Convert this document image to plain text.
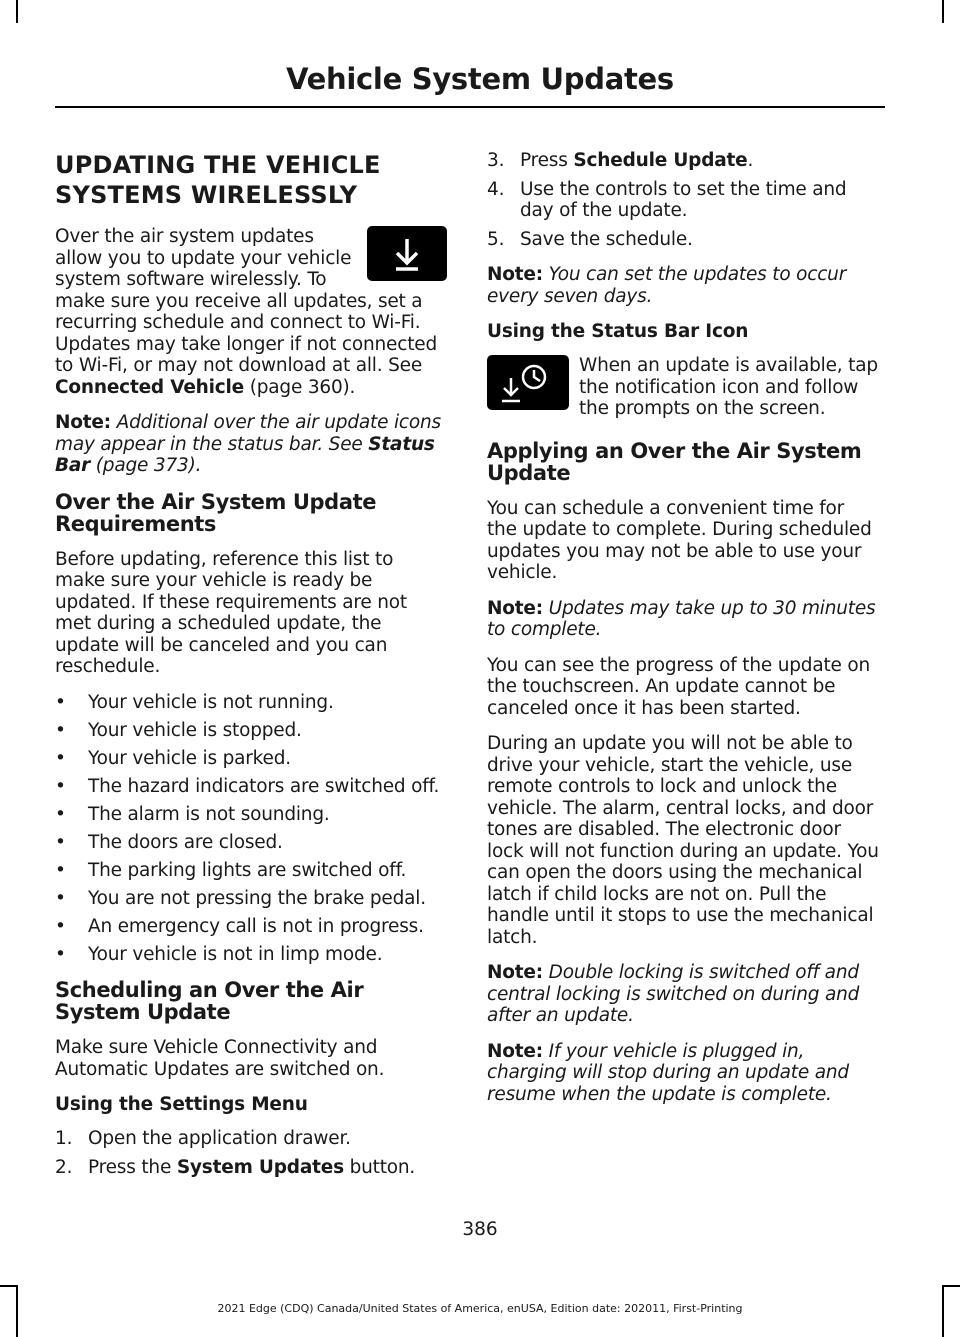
Vehicle System Updates
UPDATING THE VEHICLE
SYSTEMS WIRELESSLY

Over the air system updates allow you to update your vehicle system software wirelessly. To make sure you receive all updates, set a recurring schedule and connect to Wi-Fi. Updates may take longer if not connected to Wi-Fi, or may not download at all. See Connected Vehicle (page 360).

Note: Additional over the air update icons may appear in the status bar. See Status Bar (page 373).

Over the Air System Update Requirements

Before updating, reference this list to make sure your vehicle is ready be updated. If these requirements are not met during a scheduled update, the update will be canceled and you can reschedule.

• Your vehicle is not running.
• Your vehicle is stopped.
• Your vehicle is parked.
• The hazard indicators are switched off.
• The alarm is not sounding.
• The doors are closed.
• The parking lights are switched off.
• You are not pressing the brake pedal.
• An emergency call is not in progress.
• Your vehicle is not in limp mode.
Scheduling an Over the Air System Update

Make sure Vehicle Connectivity and Automatic Updates are switched on.

Using the Settings Menu
1. Open the application drawer.
2. Press the System Updates button.
3. Press Schedule Update.
4. Use the controls to set the time and day of the update.
5. Save the schedule.

Note: You can set the updates to occur every seven days.

Using the Status Bar Icon

When an update is available, tap the notification icon and follow the prompts on the screen.

Applying an Over the Air System Update

You can schedule a convenient time for the update to complete. During scheduled updates you may not be able to use your vehicle.

Note: Updates may take up to 30 minutes to complete.

You can see the progress of the update on the touchscreen. An update cannot be canceled once it has been started.

During an update you will not be able to drive your vehicle, start the vehicle, use remote controls to lock and unlock the vehicle. The alarm, central locks, and door tones are disabled. The electronic door lock will not function during an update. You can open the doors using the mechanical latch if child locks are not on. Pull the handle until it stops to use the mechanical latch.

Note: Double locking is switched off and central locking is switched on during and after an update.

Note: If your vehicle is plugged in, charging will stop during an update and resume when the update is complete.

386
2021 Edge (CDQ) Canada/United States of America, enUSA, Edition date: 202011, First-Printing
